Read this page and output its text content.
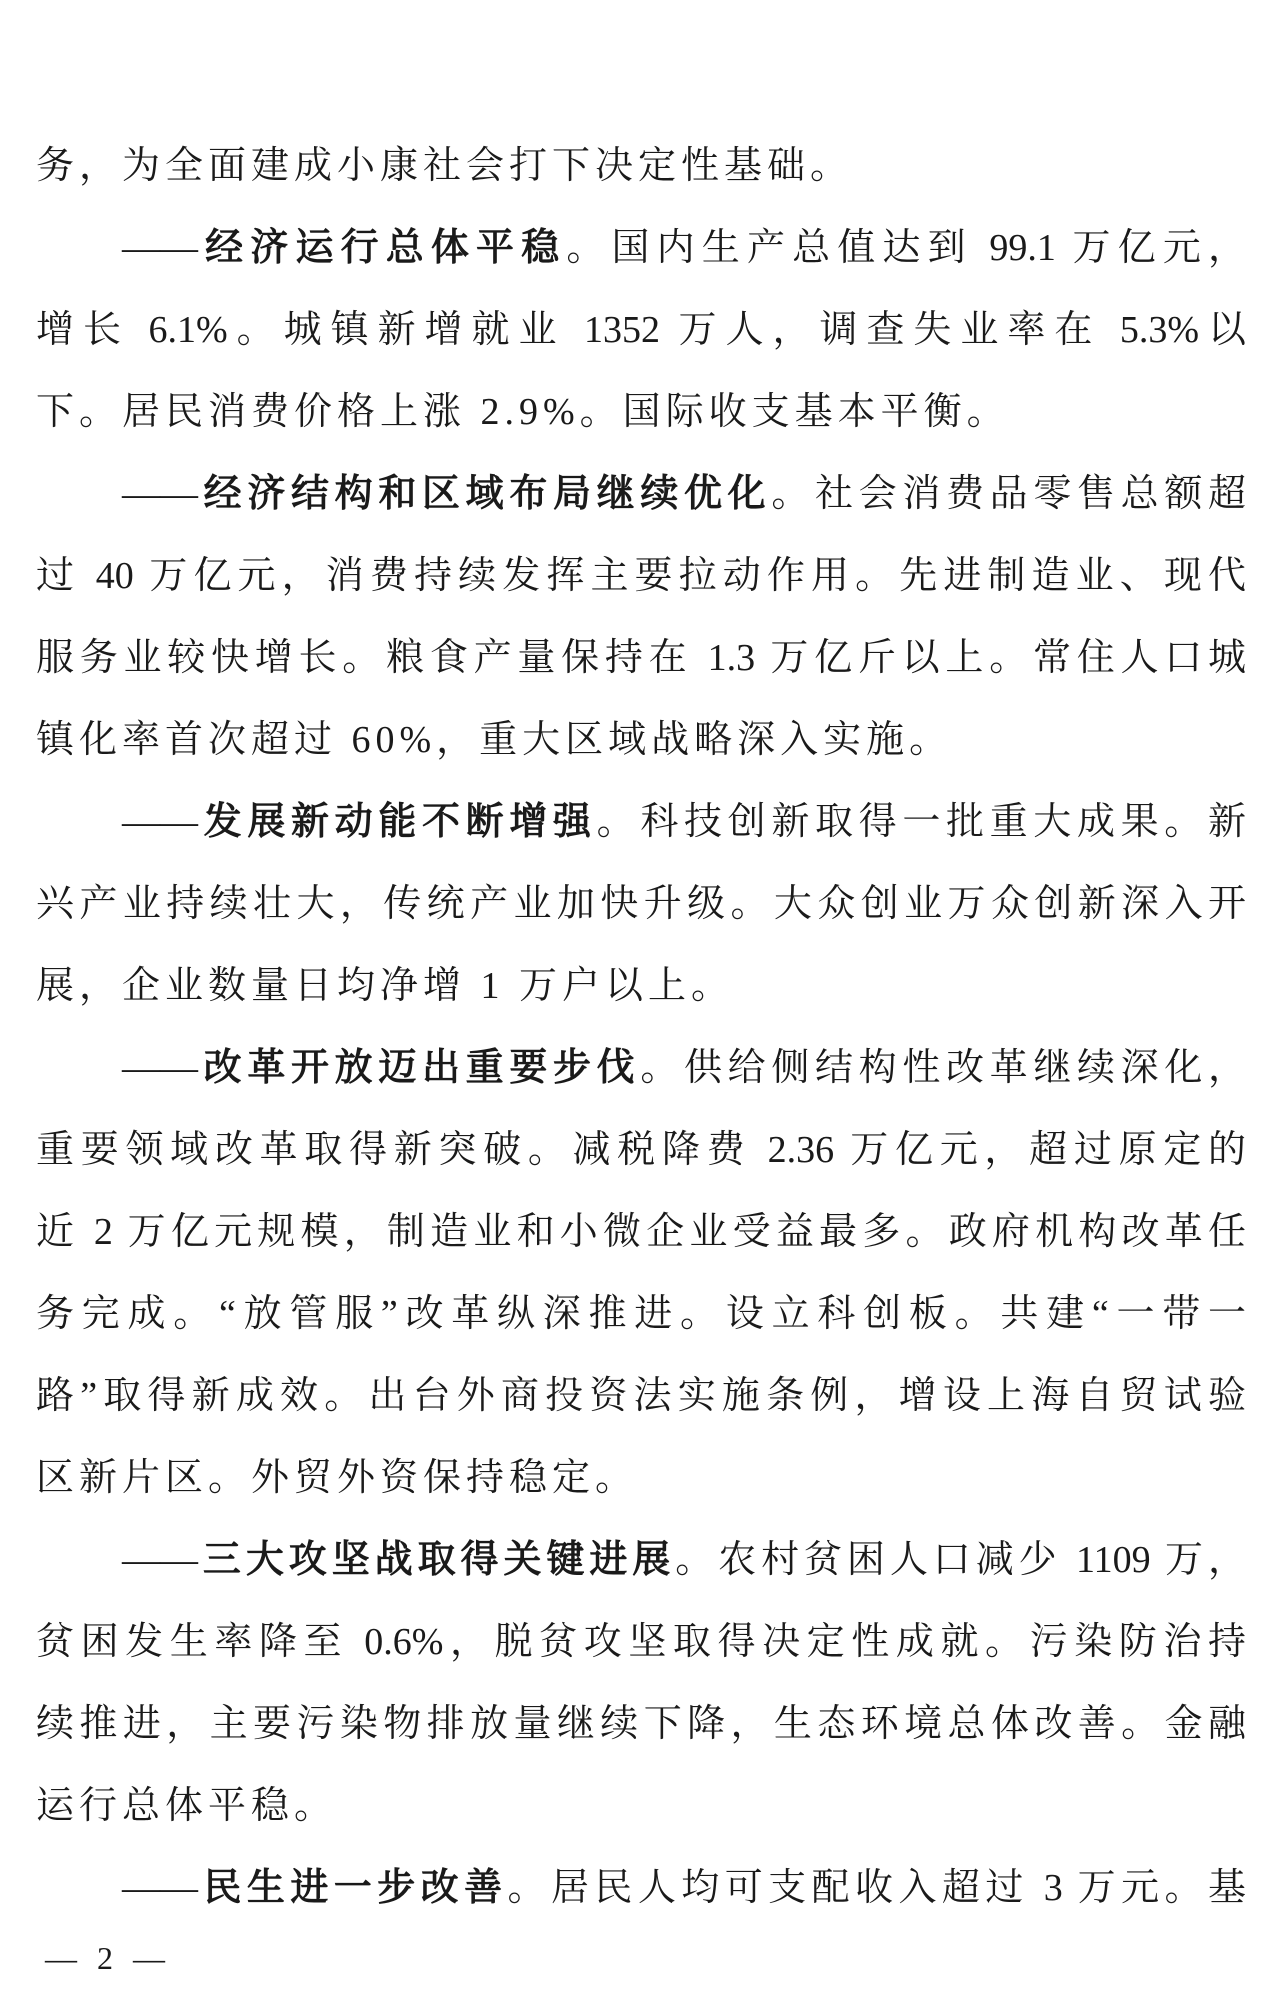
务，为全面建成小康社会打下决定性基础。
——经济运行总体平稳。国内生产总值达到 99.1 万亿元，
增长 6.1%。城镇新增就业 1352 万人，调查失业率在 5.3%以
下。居民消费价格上涨 2.9%。国际收支基本平衡。
——经济结构和区域布局继续优化。社会消费品零售总额超
过 40 万亿元，消费持续发挥主要拉动作用。先进制造业、现代
服务业较快增长。粮食产量保持在 1.3 万亿斤以上。常住人口城
镇化率首次超过 60%，重大区域战略深入实施。
——发展新动能不断增强。科技创新取得一批重大成果。新
兴产业持续壮大，传统产业加快升级。大众创业万众创新深入开
展，企业数量日均净增 1 万户以上。
——改革开放迈出重要步伐。供给侧结构性改革继续深化，
重要领域改革取得新突破。减税降费 2.36 万亿元，超过原定的
近 2 万亿元规模，制造业和小微企业受益最多。政府机构改革任
务完成。“放管服”改革纵深推进。设立科创板。共建“一带一
路”取得新成效。出台外商投资法实施条例，增设上海自贸试验
区新片区。外贸外资保持稳定。
——三大攻坚战取得关键进展。农村贫困人口减少 1109 万，
贫困发生率降至 0.6%，脱贫攻坚取得决定性成就。污染防治持
续推进，主要污染物排放量继续下降，生态环境总体改善。金融
运行总体平稳。
——民生进一步改善。居民人均可支配收入超过 3 万元。基
— 2 —
